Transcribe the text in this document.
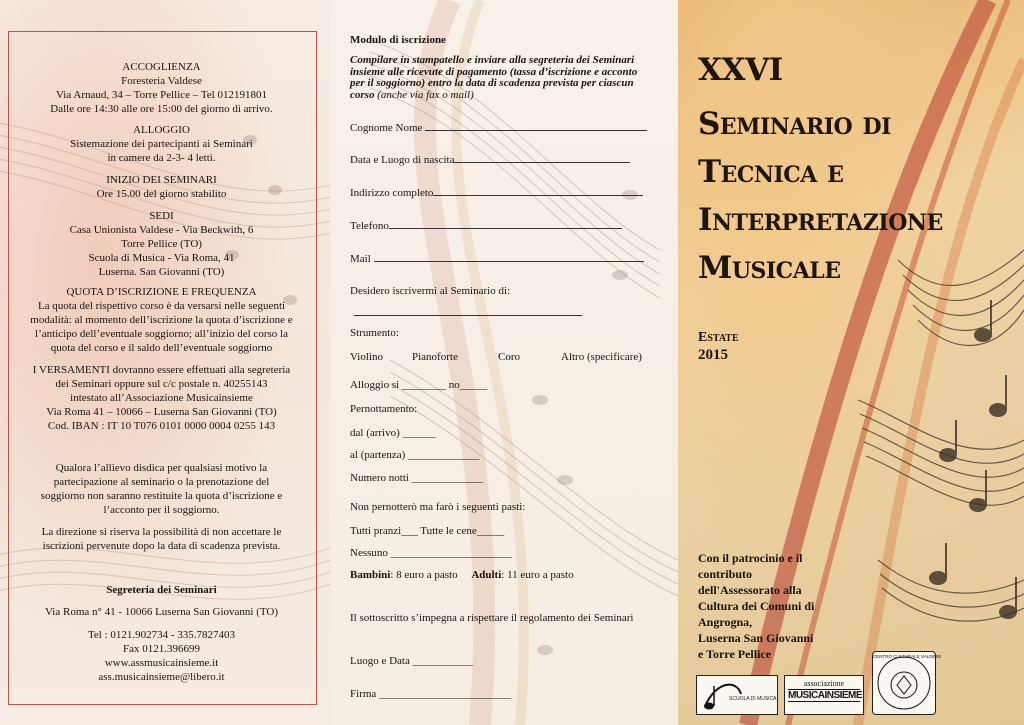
ACCOGLIENZA
Foresteria Valdese
Via Arnaud, 34 – Torre Pellice – Tel 012191801
Dalle ore 14:30 alle ore 15:00 del giorno di arrivo.
ALLOGGIO
Sistemazione dei partecipanti ai Seminari
in camere da 2-3- 4 letti.
INIZIO DEI SEMINARI
Ore 15.00 del giorno stabilito
SEDI
Casa Unionista Valdese - Via Beckwith, 6
Torre Pellice (TO)
Scuola di Musica - Via Roma, 41
Luserna. San Giovanni (TO)
QUOTA D’ISCRIZIONE E FREQUENZA
La quota del rispettivo corso è da versarsi nelle seguenti
modalità: al momento dell’iscrizione la quota d’iscrizione e
l’anticipo dell’eventuale soggiorno; all’inizio del corso la
quota del corso e il saldo dell’eventuale soggiorno
I VERSAMENTI dovranno essere effettuati alla segreteria
dei Seminari oppure sul c/c postale n. 40255143
intestato all’Associazione Musicainsieme
Via Roma 41 – 10066 – Luserna San Giovanni (TO)
Cod. IBAN : IT 10 T076 0101 0000 0004 0255 143
Qualora l’allievo disdica per qualsiasi motivo la
partecipazione al seminario o la prenotazione del
soggiorno non saranno restituite la quota d’iscrizione e
l’acconto per il soggiorno.
La direzione si riserva la possibilità di non accettare le
iscrizioni pervenute dopo la data di scadenza prevista.
Segreteria dei Seminari
Via Roma n° 41 - 10066 Luserna San Giovanni (TO)
Tel : 0121.902734 - 335.7827403
Fax 0121.396699
www.assmusicainsieme.it
ass.musicainsieme@libero.it
Modulo di iscrizione
Compilare in stampatello e inviare alla segreteria dei Seminari
insieme alle ricevute di pagamento (tassa d’iscrizione e acconto
per il soggiorno) entro la data di scadenza prevista per ciascun
corso (anche via fax o mail)
Cognome Nome
Data e Luogo di nascita
Indirizzo completo
Telefono
Mail
Desidero iscrivermi al Seminario di:
Strumento:
Violino	Pianoforte	Coro	Altro (specificare)
Alloggio si ________ no_____
Pernottamento:
dal (arrivo) ______
al (partenza) _____________
Numero notti _____________
Non pernotterò ma farò i seguenti pasti:
Tutti pranzi___ Tutte le cene_____
Nessuno ______________________
Bambini: 8 euro a pasto Adulti: 11 euro a pasto
Il sottoscritto s’impegna a rispettare il regolamento dei Seminari
Luogo e Data ___________
Firma ________________________
XXVI
Seminario di
Tecnica e
Interpretazione
Musicale
Estate
2015
Con il patrocinio e il
contributo
dell'Assessorato alla
Cultura dei Comuni di
Angrogna,
Luserna San Giovanni
e Torre Pellice
SCUOLA DI MUSICA
associazione
MUSICAINSIEME
CENTRO CULTURALE VALDESE
